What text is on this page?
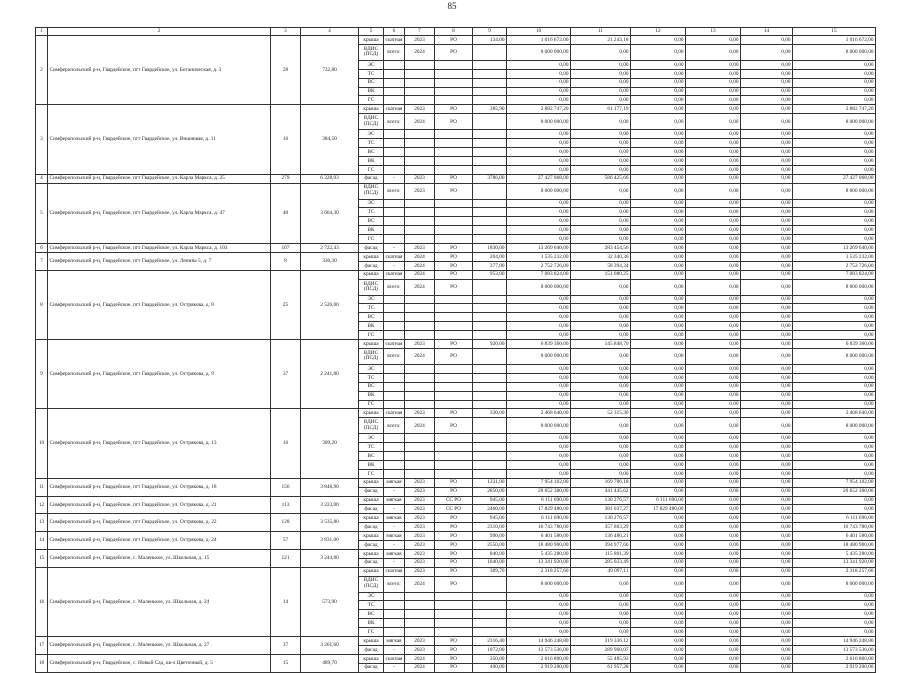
85
1	2	3	4	5	6	7	8	9	10	11	12	13	14	15
2	Симферопольский р-н, Гвардейское, пгт Гвардейское, ул. Ботаническая, д. 3	28	732,80	крыша	скатная	2023	РО	134,00	1 016 672,00	21 243,18	0,00	0,00	0,00	1 016 672,00
				ВДИС (ПСД)	всего:	2024	РО		8 000 000,00	0,00	0,00	0,00	0,00	8 000 000,00
				ЭС					0,00	0,00	0,00	0,00	0,00	0,00
				ТС					0,00	0,00	0,00	0,00	0,00	0,00
				ВС					0,00	0,00	0,00	0,00	0,00	0,00
				ВК					0,00	0,00	0,00	0,00	0,00	0,00
				ГС					0,00	0,00	0,00	0,00	0,00	0,00
3	Симферопольский р-н, Гвардейское, пгт Гвардейское, ул. Вишневая, д. 11	16	384,50	крыша	скатная	2023	РО	385,90	2 882 747,20	61 177,19	0,00	0,00	0,00	2 882 747,20
				ВДИС (ПСД)	всего:	2024	РО		8 000 000,00	0,00	0,00	0,00	0,00	8 000 000,00
				ЭС					0,00	0,00	0,00	0,00	0,00	0,00
				ТС					0,00	0,00	0,00	0,00	0,00	0,00
				ВС					0,00	0,00	0,00	0,00	0,00	0,00
				ВК					0,00	0,00	0,00	0,00	0,00	0,00
				ГС					0,00	0,00	0,00	0,00	0,00	0,00
4	Симферопольский р-н, Гвардейское, пгт Гвардейское, ул. Карла Маркса, д. 25	279	6 328,03	фасад	-	2023	РО	3786,00	27 427 068,00	586 425,66	0,00	0,00	0,00	27 427 068,00
5	Симферопольский р-н, Гвардейское, пгт Гвардейское, ул. Карла Маркса, д. 47	40	3 664,30	ВДИС (ПСД)	всего:	2023	РО		8 000 000,00	0,00	0,00	0,00	0,00	8 000 000,00
				ЭС					0,00	0,00	0,00	0,00	0,00	0,00
				ТС					0,00	0,00	0,00	0,00	0,00	0,00
				ВС					0,00	0,00	0,00	0,00	0,00	0,00
				ВК					0,00	0,00	0,00	0,00	0,00	0,00
				ГС					0,00	0,00	0,00	0,00	0,00	0,00
6	Симферопольский р-н, Гвардейское, пгт Гвардейское, ул. Карла Маркса, д. 103	107	2 722,43	фасад	-	2023	РО	1830,00	13 269 640,00	283 454,56	0,00	0,00	0,00	13 269 640,00
7	Симферопольский р-н, Гвардейское, пгт Гвардейское, ул. Ленина 5, д. 7	8	330,30	крыша	скатная	2024	РО	204,00	1 535 232,00	32 340,36	0,00	0,00	0,00	1 535 232,00
				фасад	-	2024	РО	377,00	2 752 726,00	58 394,34	0,00	0,00	0,00	2 752 726,00
8	Симферопольский р-н, Гвардейское, пгт Гвардейское, ул. Острякова, д. 8	25	2 526,00	крыша	скатная	2024	РО	953,00	7 083 824,00	151 080,25	0,00	0,00	0,00	7 083 824,00
				ВДИС (ПСД)	всего:	2024	РО		8 000 000,00	0,00	0,00	0,00	0,00	8 000 000,00
				ЭС					0,00	0,00	0,00	0,00	0,00	0,00
				ТС					0,00	0,00	0,00	0,00	0,00	0,00
				ВС					0,00	0,00	0,00	0,00	0,00	0,00
				ВК					0,00	0,00	0,00	0,00	0,00	0,00
				ГС					0,00	0,00	0,00	0,00	0,00	0,00
9	Симферопольский р-н, Гвардейское, пгт Гвардейское, ул. Острякова, д. 9	37	2 241,80	крыша	скатная	2023	РО	920,00	6 839 360,00	145 848,70	0,00	0,00	0,00	6 839 360,00
				ВДИС (ПСД)	всего:	2024	РО		8 000 000,00	0,00	0,00	0,00	0,00	8 000 000,00
				ЭС					0,00	0,00	0,00	0,00	0,00	0,00
				ТС					0,00	0,00	0,00	0,00	0,00	0,00
				ВС					0,00	0,00	0,00	0,00	0,00	0,00
				ВК					0,00	0,00	0,00	0,00	0,00	0,00
				ГС					0,00	0,00	0,00	0,00	0,00	0,00
10	Симферопольский р-н, Гвардейское, пгт Гвардейское, ул. Острякова, д. 13	16	309,20	крыша	скатная	2023	РО	330,00	2 468 640,00	52 315,30	0,00	0,00	0,00	2 468 640,00
				ВДИС (ПСД)	всего:	2024	РО		8 000 000,00	0,00	0,00	0,00	0,00	8 000 000,00
				ЭС					0,00	0,00	0,00	0,00	0,00	0,00
				ТС					0,00	0,00	0,00	0,00	0,00	0,00
				ВС					0,00	0,00	0,00	0,00	0,00	0,00
				ВК					0,00	0,00	0,00	0,00	0,00	0,00
				ГС					0,00	0,00	0,00	0,00	0,00	0,00
11	Симферопольский р-н, Гвардейское, пгт Гвардейское, ул. Острякова, д. 18	156	3 848,90	крыша	мягкая	2023	РО	1231,00	7 954 102,00	169 706,18	0,00	0,00	0,00	7 954 102,00
				фасад	-	2023	РО	2850,00	20 652 300,00	441 445,62	0,00	0,00	0,00	20 652 300,00
12	Симферопольский р-н, Гвардейское, пгт Гвардейское, ул. Острякова, д. 21	113	3 223,00	крыша	мягкая	2023	СС РО	945,00	6 111 690,00	130 276,57	6 111 690,00	0,00	0,00	0,00
				фасад	-	2023	СС РО	2460,00	17 829 480,00	381 037,27	17 829 480,00	0,00	0,00	0,00
13	Симферопольский р-н, Гвардейское, пгт Гвардейское, ул. Острякова, д. 22	128	3 535,80	крыша	мягкая	2023	РО	945,00	6 111 690,00	130 276,57	0,00	0,00	0,00	6 111 690,00
				фасад	-	2023	РО	2310,00	16 743 780,00	357 803,29	0,00	0,00	0,00	16 743 780,00
14	Симферопольский р-н, Гвардейское, пгт Гвардейское, ул. Острякова, д. 24	57	3 831,00	крыша	мягкая	2023	РО	990,00	6 401 580,00	136 480,21	0,00	0,00	0,00	6 401 580,00
				фасад	-	2023	РО	2550,00	18 480 900,00	394 977,66	0,00	0,00	0,00	18 480 900,00
15	Симферопольский р-н, Гвардейское, с. Маленькое, ул. Школьная, д. 15	121	3 244,80	крыша	мягкая	2023	РО	840,00	5 435 280,00	115 801,39	0,00	0,00	0,00	5 435 280,00
				фасад	-	2023	РО	1840,00	13 341 920,00	285 033,49	0,00	0,00	0,00	13 341 920,00
16	Симферопольский р-н, Гвардейское, с. Маленькое, ул. Школьная, д. 24	14	573,90	крыша	скатная	2023	РО	309,70	2 318 257,60	49 097,11	0,00	0,00	0,00	2 318 257,60
				ВДИС (ПСД)	всего:	2024	РО		8 000 000,00	0,00	0,00	0,00	0,00	8 000 000,00
				ЭС					0,00	0,00	0,00	0,00	0,00	0,00
				ТС					0,00	0,00	0,00	0,00	0,00	0,00
				ВС					0,00	0,00	0,00	0,00	0,00	0,00
				ВК					0,00	0,00	0,00	0,00	0,00	0,00
				ГС					0,00	0,00	0,00	0,00	0,00	0,00
17	Симферопольский р-н, Гвардейское, с. Маленькое, ул. Школьная, д. 27	37	3 261,60	крыша	мягкая	2023	РО	2316,40	14 946 248,80	319 336,12	0,00	0,00	0,00	14 946 248,80
				фасад	-	2023	РО	1872,00	13 573 536,00	289 960,07	0,00	0,00	0,00	13 573 536,00
18	Симферопольский р-н, Гвардейское, с. Новый Сад, кв-л Цветочный, д. 5	15	489,70	крыша	скатная	2024	РО	350,00	2 616 800,00	55 485,92	0,00	0,00	0,00	2 616 800,00
				фасад	-	2024	РО	400,00	2 919 200,00	61 957,28	0,00	0,00	0,00	2 919 200,00
